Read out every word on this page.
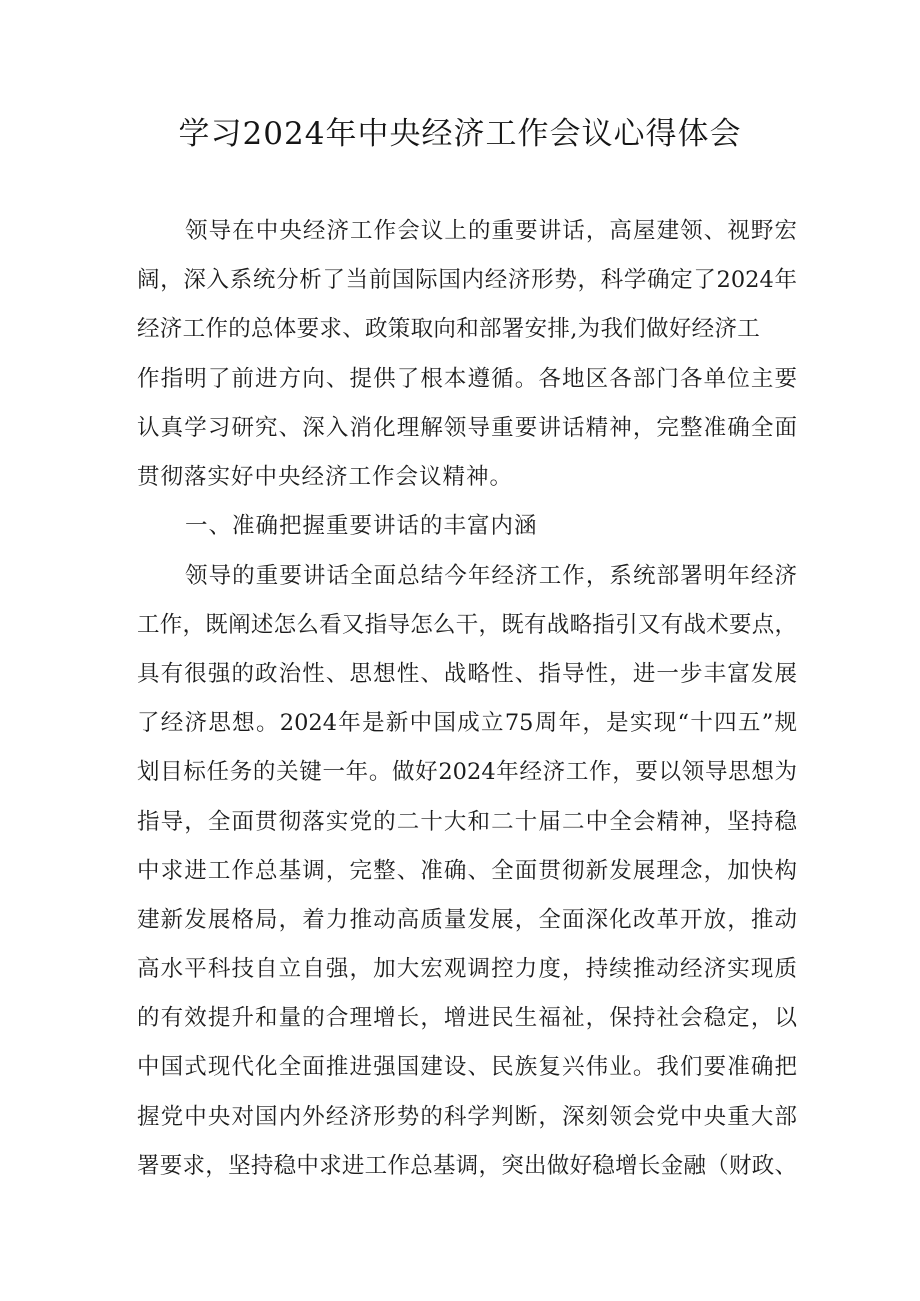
学习2024年中央经济工作会议心得体会
领导在中央经济工作会议上的重要讲话，高屋建领、视野宏
阔，深入系统分析了当前国际国内经济形势，科学确定了2024年
经济工作的总体要求、政策取向和部署安排,为我们做好经济工
作指明了前进方向、提供了根本遵循。各地区各部门各单位主要
认真学习研究、深入消化理解领导重要讲话精神，完整准确全面
贯彻落实好中央经济工作会议精神。
一、准确把握重要讲话的丰富内涵
领导的重要讲话全面总结今年经济工作，系统部署明年经济
工作，既阐述怎么看又指导怎么干，既有战略指引又有战术要点，
具有很强的政治性、思想性、战略性、指导性，进一步丰富发展
了经济思想。2024年是新中国成立75周年，是实现“十四五”规
划目标任务的关键一年。做好2024年经济工作，要以领导思想为
指导，全面贯彻落实党的二十大和二十届二中全会精神，坚持稳
中求进工作总基调，完整、准确、全面贯彻新发展理念，加快构
建新发展格局，着力推动高质量发展，全面深化改革开放，推动
高水平科技自立自强，加大宏观调控力度，持续推动经济实现质
的有效提升和量的合理增长，增进民生福祉，保持社会稳定，以
中国式现代化全面推进强国建设、民族复兴伟业。我们要准确把
握党中央对国内外经济形势的科学判断，深刻领会党中央重大部
署要求，坚持稳中求进工作总基调，突出做好稳增长金融（财政、
